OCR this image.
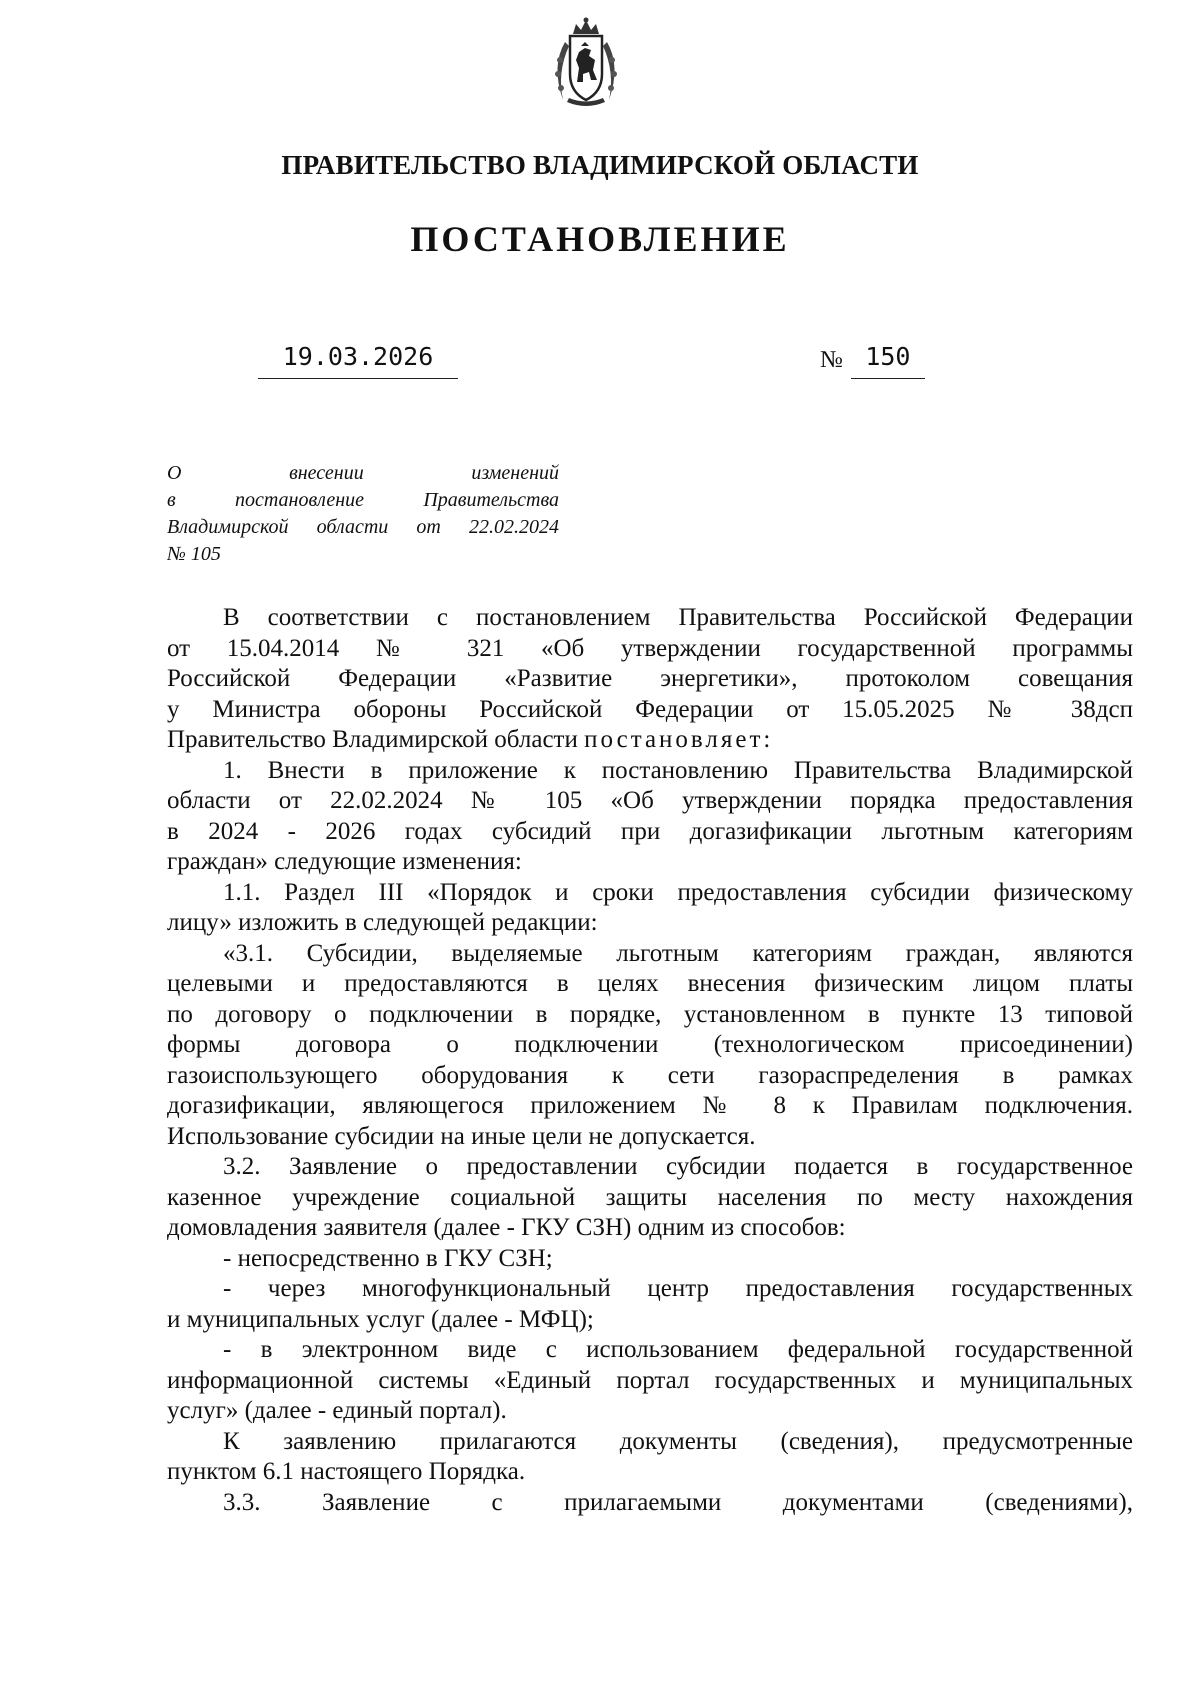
ПРАВИТЕЛЬСТВО ВЛАДИМИРСКОЙ ОБЛАСТИ
ПОСТАНОВЛЕНИЕ
19.03.2026	№ 150
О внесении изменений
в постановление Правительства
Владимирской области от 22.02.2024
№ 105
В соответствии с постановлением Правительства Российской Федерации
от 15.04.2014 № 321 «Об утверждении государственной программы
Российской Федерации «Развитие энергетики», протоколом совещания
у Министра обороны Российской Федерации от 15.05.2025 № 38дсп
Правительство Владимирской области постановляет:
1. Внести в приложение к постановлению Правительства Владимирской
области от 22.02.2024 № 105 «Об утверждении порядка предоставления
в 2024 - 2026 годах субсидий при догазификации льготным категориям
граждан» следующие изменения:
1.1. Раздел III «Порядок и сроки предоставления субсидии физическому
лицу» изложить в следующей редакции:
«3.1. Субсидии, выделяемые льготным категориям граждан, являются
целевыми и предоставляются в целях внесения физическим лицом платы
по договору о подключении в порядке, установленном в пункте 13 типовой
формы договора о подключении (технологическом присоединении)
газоиспользующего оборудования к сети газораспределения в рамках
догазификации, являющегося приложением № 8 к Правилам подключения.
Использование субсидии на иные цели не допускается.
3.2. Заявление о предоставлении субсидии подается в государственное
казенное учреждение социальной защиты населения по месту нахождения
домовладения заявителя (далее - ГКУ СЗН) одним из способов:
- непосредственно в ГКУ СЗН;
- через многофункциональный центр предоставления государственных
и муниципальных услуг (далее - МФЦ);
- в электронном виде с использованием федеральной государственной
информационной системы «Единый портал государственных и муниципальных
услуг» (далее - единый портал).
К заявлению прилагаются документы (сведения), предусмотренные
пунктом 6.1 настоящего Порядка.
3.3. Заявление с прилагаемыми документами (сведениями),
